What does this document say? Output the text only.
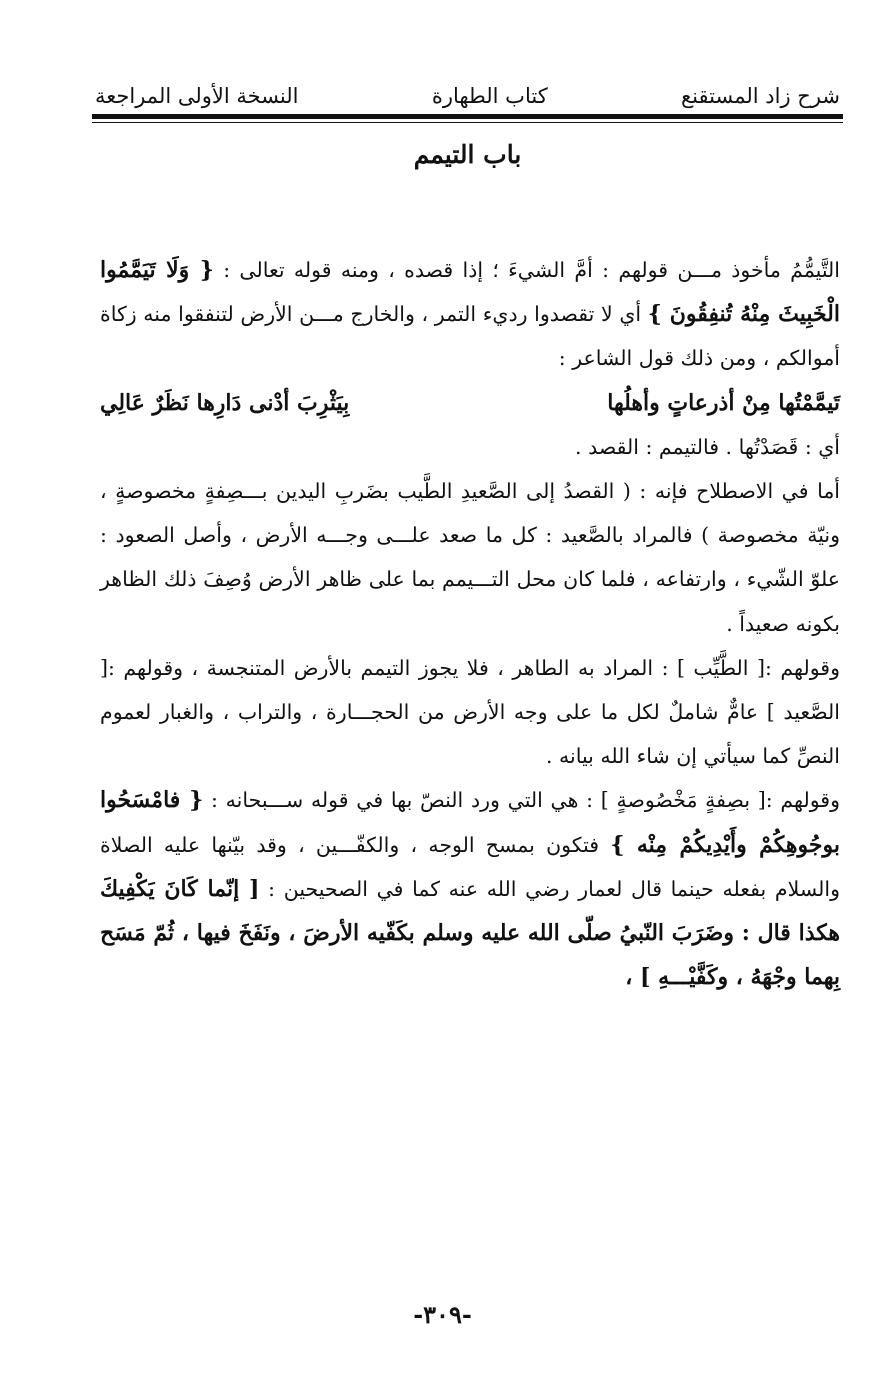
شرح زاد المستقنع
كتاب الطهارة
النسخة الأولى المراجعة
باب التيمم

التَّيمُّمُ مأخوذ مـــن قولهم : أمَّ الشيءَ ؛ إذا قصده ، ومنه قوله تعالى : { وَلَا تَيَمَّمُوا الْخَبِيثَ مِنْهُ تُنفِقُونَ } أي لا تقصدوا رديء التمر ، والخارج مـــن الأرض لتنفقوا منه زكاة أموالكم ، ومن ذلك قول الشاعر :

تَيمَّمْتُها مِنْ أذرعاتٍ وأهلُها
بِيَثْرِبَ أدْنى دَارِها نَظَرٌ عَالِي

أي : قَصَدْتُها . فالتيمم : القصد .

أما في الاصطلاح فإنه : ( القصدُ إلى الصَّعيدِ الطَّيب بضَربِ اليدين بـــصِفةٍ مخصوصةٍ ، ونيّة مخصوصة ) فالمراد بالصَّعيد : كل ما صعد علـــى وجـــه الأرض ، وأصل الصعود : علوّ الشّيء ، وارتفاعه ، فلما كان محل التـــيمم بما على ظاهر الأرض وُصِفَ ذلك الظاهر بكونه صعيداً .

وقولهم :[ الطَّيِّب ] : المراد به الطاهر ، فلا يجوز التيمم بالأرض المتنجسة ، وقولهم :[ الصَّعيد ] عامٌّ شاملٌ لكل ما على وجه الأرض من الحجـــارة ، والتراب ، والغبار لعموم النصِّ كما سيأتي إن شاء الله بيانه .

وقولهم :[ بصِفةٍ مَخْصُوصةٍ ] : هي التي ورد النصّ بها في قوله ســـبحانه : { فامْسَحُوا بوجُوهِكُمْ وأَيْدِيكُمْ مِنْه } فتكون بمسح الوجه ، والكفّـــين ، وقد بيّنها عليه الصلاة والسلام بفعله حينما قال لعمار رضي الله عنه كما في الصحيحين : [ إنّما كَانَ يَكْفِيكَ هكذا قال : وضَرَبَ النّبيُ صلّى الله عليه وسلم بكَفّيه الأرضَ ، ونَفَخَ فيها ، ثُمّ مَسَح بِهما وجْهَهُ ، وكَفَّيْـــهِ ] ،

-٣٠٩-
